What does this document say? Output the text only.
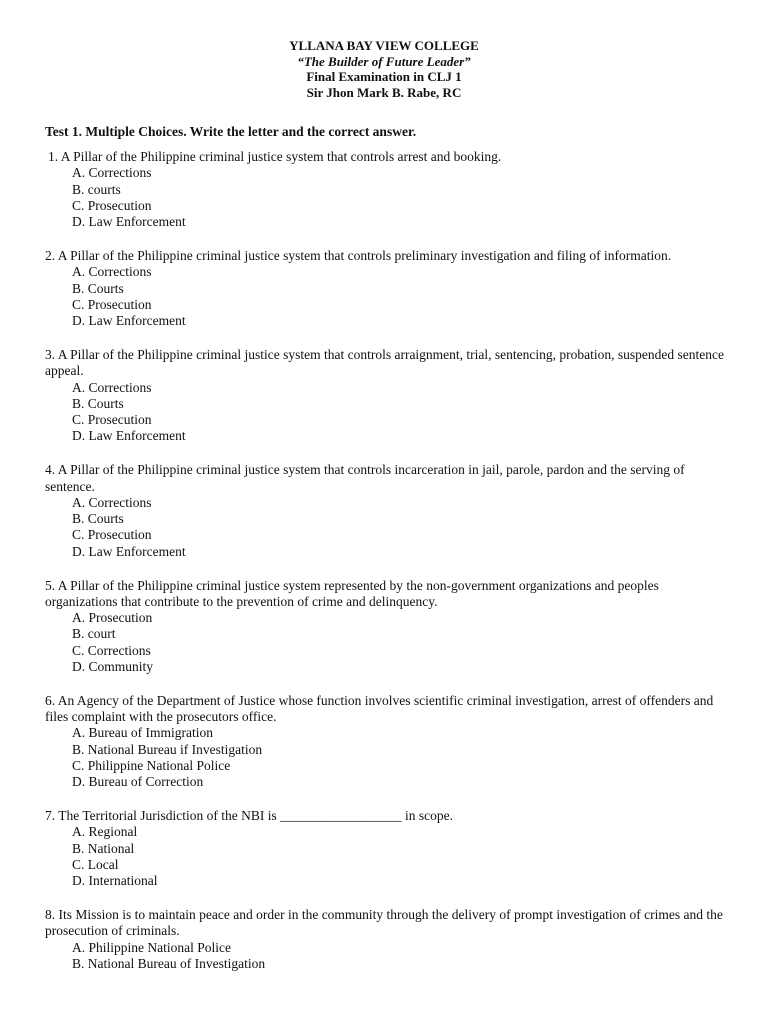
YLLANA BAY VIEW COLLEGE
“The Builder of Future Leader”
Final Examination in CLJ 1
Sir Jhon Mark B. Rabe, RC
Test 1. Multiple Choices. Write the letter and the correct answer.

1. A Pillar of the Philippine criminal justice system that controls arrest and booking.

A. Corrections
B. courts
C. Prosecution
D. Law Enforcement

2. A Pillar of the Philippine criminal justice system that controls preliminary investigation and filing of information.

A. Corrections
B. Courts
C. Prosecution
D. Law Enforcement

3. A Pillar of the Philippine criminal justice system that controls arraignment, trial, sentencing, probation, suspended sentence appeal.

A. Corrections
B. Courts
C. Prosecution
D. Law Enforcement

4. A Pillar of the Philippine criminal justice system that controls incarceration in jail, parole, pardon and the serving of sentence.

A. Corrections
B. Courts
C. Prosecution
D. Law Enforcement

5. A Pillar of the Philippine criminal justice system represented by the non-government organizations and peoples organizations that contribute to the prevention of crime and delinquency.

A. Prosecution
B. court
C. Corrections
D. Community

6. An Agency of the Department of Justice whose function involves scientific criminal investigation, arrest of offenders and files complaint with the prosecutors office.

A. Bureau of Immigration
B. National Bureau if Investigation
C. Philippine National Police
D. Bureau of Correction

7. The Territorial Jurisdiction of the NBI is __________________ in scope.

A. Regional
B. National
C. Local
D. International

8. Its Mission is to maintain peace and order in the community through the delivery of prompt investigation of crimes and the prosecution of criminals.

A. Philippine National Police
B. National Bureau of Investigation
